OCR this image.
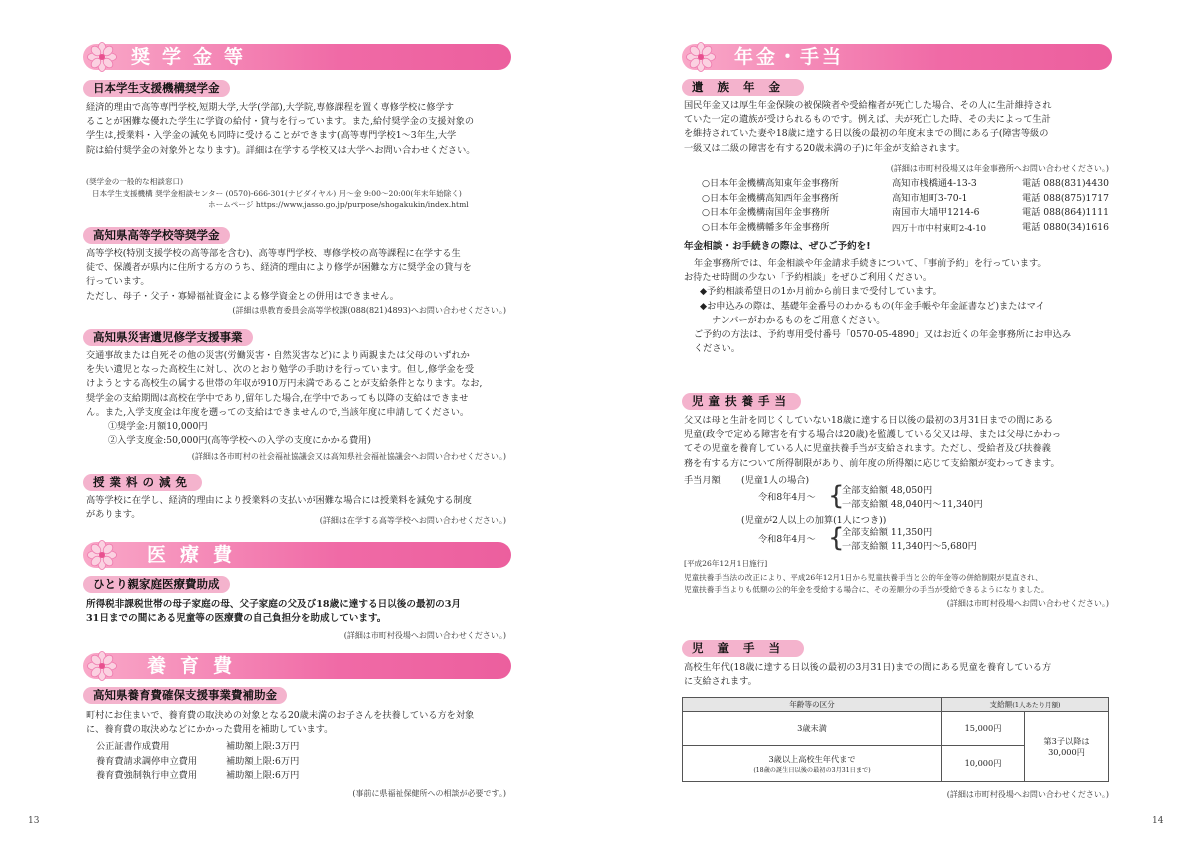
奨学金等
日本学生支援機構奨学金
経済的理由で高等専門学校,短期大学,大学(学部),大学院,専修課程を置く専修学校に修学す
ることが困難な優れた学生に学資の給付・貸与を行っています。また,給付奨学金の支援対象の
学生は,授業料・入学金の減免も同時に受けることができます(高等専門学校1～3年生,大学
院は給付奨学金の対象外となります)。詳細は在学する学校又は大学へお問い合わせください。
(奨学金の一般的な相談窓口)
日本学生支援機構 奨学金相談センター (0570)-666-301(ナビダイヤル) 月～金 9:00～20:00(年末年始除く)
ホームページ https://www.jasso.go.jp/purpose/shogakukin/index.html
高知県高等学校等奨学金
高等学校(特別支援学校の高等部を含む)、高等専門学校、専修学校の高等課程に在学する生
徒で、保護者が県内に住所する方のうち、経済的理由により修学が困難な方に奨学金の貸与を
行っています。
ただし、母子・父子・寡婦福祉資金による修学資金との併用はできません。
(詳細は県教育委員会高等学校課(088(821)4893)へお問い合わせください。)
高知県災害遺児修学支援事業
交通事故または自死その他の災害(労働災害・自然災害など)により両親または父母のいずれか
を失い遺児となった高校生に対し、次のとおり勉学の手助けを行っています。但し,修学金を受
けようとする高校生の属する世帯の年収が910万円未満であることが支給条件となります。なお,
奨学金の支給期間は高校在学中であり,留年した場合,在学中であっても以降の支給はできませ
ん。また,入学支度金は年度を遡っての支給はできませんので,当該年度に申請してください。
①奨学金:月額10,000円
②入学支度金:50,000円(高等学校への入学の支度にかかる費用)
(詳細は各市町村の社会福祉協議会又は高知県社会福祉協議会へお問い合わせください。)
授業料の減免
高等学校に在学し、経済的理由により授業料の支払いが困難な場合には授業料を減免する制度
があります。
(詳細は在学する高等学校へお問い合わせください。)
医療費
ひとり親家庭医療費助成
所得税非課税世帯の母子家庭の母、父子家庭の父及び18歳に達する日以後の最初の3月
31日までの間にある児童等の医療費の自己負担分を助成しています。
(詳細は市町村役場へお問い合わせください。)
養育費
高知県養育費確保支援事業費補助金
町村にお住まいで、養育費の取決めの対象となる20歳未満のお子さんを扶養している方を対象
に、養育費の取決めなどにかかった費用を補助しています。
公正証書作成費用	補助額上限:3万円
養育費請求調停申立費用	補助額上限:6万円
養育費強制執行申立費用	補助額上限:6万円
(事前に県福祉保健所への相談が必要です。)
13
年金・手当
遺族年金
国民年金又は厚生年金保険の被保険者や受給権者が死亡した場合、その人に生計維持され
ていた一定の遺族が受けられるものです。例えば、夫が死亡した時、その夫によって生計
を維持されていた妻や18歳に達する日以後の最初の年度末までの間にある子(障害等級の
一級又は二級の障害を有する20歳未満の子)に年金が支給されます。
(詳細は市町村役場又は年金事務所へお問い合わせください。)
○日本年金機構高知東年金事務所	高知市桟橋通4-13-3	電話 088(831)4430
○日本年金機構高知西年金事務所	高知市旭町3-70-1	電話 088(875)1717
○日本年金機構南国年金事務所	南国市大埇甲1214-6	電話 088(864)1111
○日本年金機構幡多年金事務所	四万十市中村東町2-4-10	電話 0880(34)1616
年金相談・お手続きの際は、ぜひご予約を!
年金事務所では、年金相談や年金請求手続きについて、「事前予約」を行っています。
お待たせ時間の少ない「予約相談」をぜひご利用ください。
◆予約相談希望日の1か月前から前日まで受付しています。
◆お申込みの際は、基礎年金番号のわかるもの(年金手帳や年金証書など)またはマイ
ナンバーがわかるものをご用意ください。
ご予約の方法は、予約専用受付番号「0570-05-4890」又はお近くの年金事務所にお申込み
ください。
児童扶養手当
父又は母と生計を同じくしていない18歳に達する日以後の最初の3月31日までの間にある
児童(政令で定める障害を有する場合は20歳)を監護している父又は母、または父母にかわっ
てその児童を養育している人に児童扶養手当が支給されます。ただし、受給者及び扶養義
務を有する方について所得制限があり、前年度の所得額に応じて支給額が変わってきます。
手当月額 (児童1人の場合)
令和8年4月～ {
全部支給額 48,050円
一部支給額 48,040円～11,340円
(児童が2人以上の加算(1人につき))
令和8年4月～ {
全部支給額 11,350円
一部支給額 11,340円～5,680円
[平成26年12月1日施行]
児童扶養手当法の改正により、平成26年12月1日から児童扶養手当と公的年金等の併給制限が見直され、
児童扶養手当よりも低額の公的年金を受給する場合に、その差額分の手当が受給できるようになりました。
(詳細は市町村役場へお問い合わせください。)
児童手当
高校生年代(18歳に達する日以後の最初の3月31日)までの間にある児童を養育している方
に支給されます。
年齢等の区分	支給額(1人あたり月額)	
3歳未満	15,000円	第3子以降は
30,000円

3歳以上高校生年代まで
(18歳の誕生日以後の最初の3月31日まで)	10,000円	
(詳細は市町村役場へお問い合わせください。)
14
